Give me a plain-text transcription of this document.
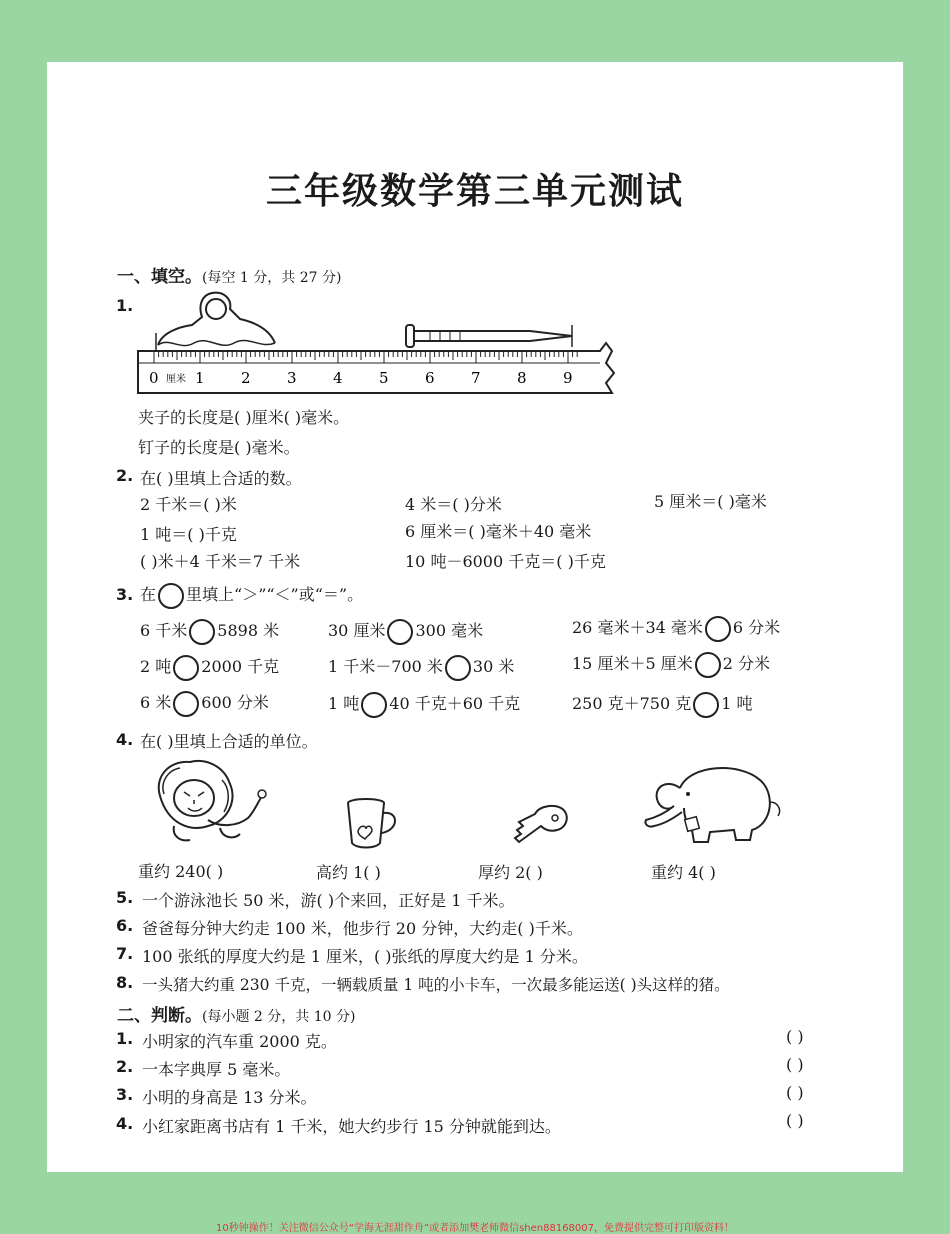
三年级数学第三单元测试
一、填空。(每空 1 分，共 27 分)
1.
0 1 2 3 4 5 6 7 8 9
厘米
夹子的长度是( )厘米( )毫米。
钉子的长度是( )毫米。
2. 在( )里填上合适的数。
2 千米＝( )米	4 米＝( )分米	5 厘米＝( )毫米
1 吨＝( )千克	6 厘米＝( )毫米＋40 毫米
( )米＋4 千米＝7 千米	10 吨－6000 千克＝( )千克
3. 在 里填上“＞”“＜”或“＝”。
6 千米 5898 米	30 厘米 300 毫米	26 毫米＋34 毫米 6 分米
2 吨 2000 千克	1 千米－700 米 30 米	15 厘米＋5 厘米 2 分米
6 米 600 分米	1 吨 40 千克＋60 千克	250 克＋750 克 1 吨
4. 在( )里填上合适的单位。
重约 240( )	高约 1( )	厚约 2( )	重约 4( )
5. 一个游泳池长 50 米，游( )个来回，正好是 1 千米。
6. 爸爸每分钟大约走 100 米，他步行 20 分钟，大约走( )千米。
7. 100 张纸的厚度大约是 1 厘米，( )张纸的厚度大约是 1 分米。
8. 一头猪大约重 230 千克，一辆载质量 1 吨的小卡车，一次最多能运送( )头这样的猪。
二、判断。(每小题 2 分，共 10 分)
1. 小明家的汽车重 2000 克。	( )
2. 一本字典厚 5 毫米。	( )
3. 小明的身高是 13 分米。	( )
4. 小红家距离书店有 1 千米，她大约步行 15 分钟就能到达。	( )
10秒钟操作！关注微信公众号“学海无涯甜作舟”或者添加樊老师微信shen88168007，免费提供完整可打印版资料！
